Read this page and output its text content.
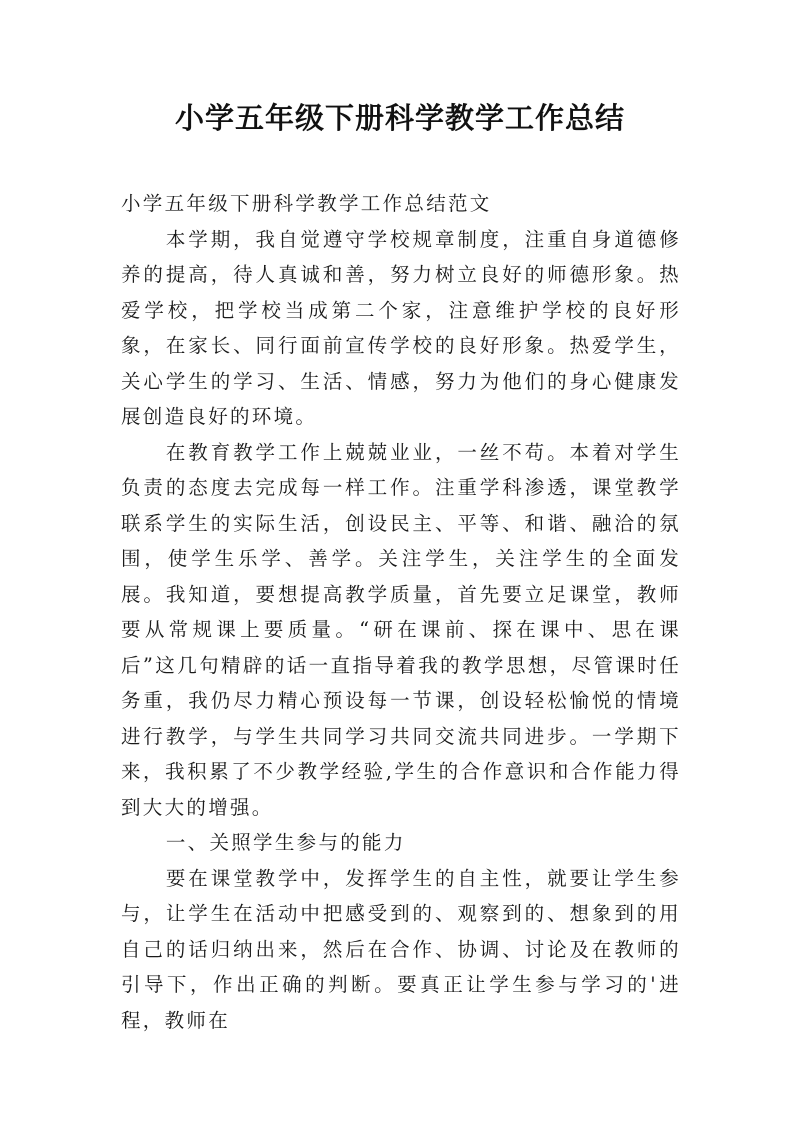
小学五年级下册科学教学工作总结

小学五年级下册科学教学工作总结范文

本学期，我自觉遵守学校规章制度，注重自身道德修养的提高，待人真诚和善，努力树立良好的师德形象。热爱学校，把学校当成第二个家，注意维护学校的良好形象，在家长、同行面前宣传学校的良好形象。热爱学生，关心学生的学习、生活、情感，努力为他们的身心健康发展创造良好的环境。

在教育教学工作上兢兢业业，一丝不苟。本着对学生负责的态度去完成每一样工作。注重学科渗透，课堂教学联系学生的实际生活，创设民主、平等、和谐、融洽的氛围，使学生乐学、善学。关注学生，关注学生的全面发展。我知道，要想提高教学质量，首先要立足课堂，教师要从常规课上要质量。“研在课前、探在课中、思在课后”这几句精辟的话一直指导着我的教学思想，尽管课时任务重，我仍尽力精心预设每一节课，创设轻松愉悦的情境进行教学，与学生共同学习共同交流共同进步。一学期下来，我积累了不少教学经验,学生的合作意识和合作能力得到大大的增强。

一、关照学生参与的能力

要在课堂教学中，发挥学生的自主性，就要让学生参与，让学生在活动中把感受到的、观察到的、想象到的用自己的话归纳出来，然后在合作、协调、讨论及在教师的引导下，作出正确的判断。要真正让学生参与学习的'进程，教师在
